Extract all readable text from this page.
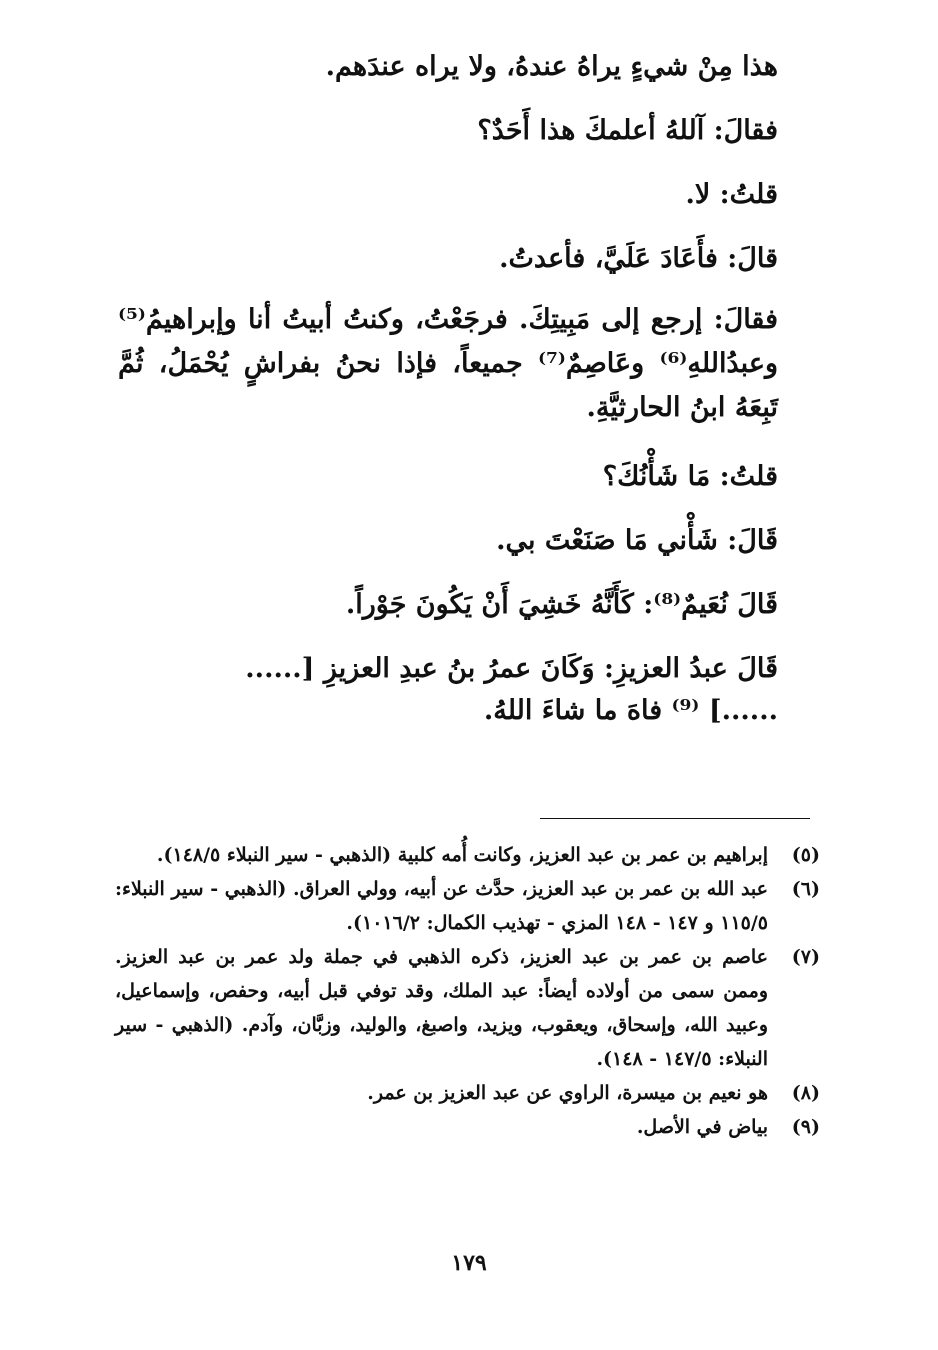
هذا مِنْ شيءٍ يراهُ عندهُ، ولا يراه عندَهم.
فقالَ: آللهُ أعلمكَ هذا أَحَدٌ؟
قلتُ: لا.
قالَ: فأَعَادَ عَلَيَّ، فأعدتُ.
فقالَ: إرجع إلى مَبِيتِكَ. فرجَعْتُ، وكنتُ أبيتُ أنا وإبراهيمُ⁽⁵⁾ وعبدُاللهِ⁽⁶⁾ وعَاصِمٌ⁽⁷⁾ جميعاً، فإذا نحنُ بفراشٍ يُحْمَلُ، ثُمَّ تَبِعَهُ ابنُ الحارثيَّةِ.
قلتُ: مَا شَأْنُكَ؟
قَالَ: شَأْني مَا صَنَعْتَ بي.
قَالَ نُعَيمٌ⁽⁸⁾: كَأَنَّهُ خَشِيَ أَنْ يَكُونَ جَوْراً.
قَالَ عبدُ العزيزِ: وَكَانَ عمرُ بنُ عبدِ العزيزِ [......
......] ⁽⁹⁾ فاهَ ما شاءَ اللهُ.
(٥)
إبراهيم بن عمر بن عبد العزيز، وكانت أُمه كلبية (الذهبي - سير النبلاء ١٤٨/٥).
(٦)
عبد الله بن عمر بن عبد العزيز، حدَّث عن أبيه، وولي العراق. (الذهبي - سير النبلاء: ١١٥/٥ و ١٤٧ - ١٤٨ المزي - تهذيب الكمال: ١٠١٦/٢).
(٧)
عاصم بن عمر بن عبد العزيز، ذكره الذهبي في جملة ولد عمر بن عبد العزيز. وممن سمى من أولاده أيضاً: عبد الملك، وقد توفي قبل أبيه، وحفص، وإسماعيل، وعبيد الله، وإسحاق، ويعقوب، ويزيد، واصبغ، والوليد، وزبَّان، وآدم. (الذهبي - سير النبلاء: ١٤٧/٥ - ١٤٨).
(٨)
هو نعيم بن ميسرة، الراوي عن عبد العزيز بن عمر.
(٩)
بياض في الأصل.
١٧٩
